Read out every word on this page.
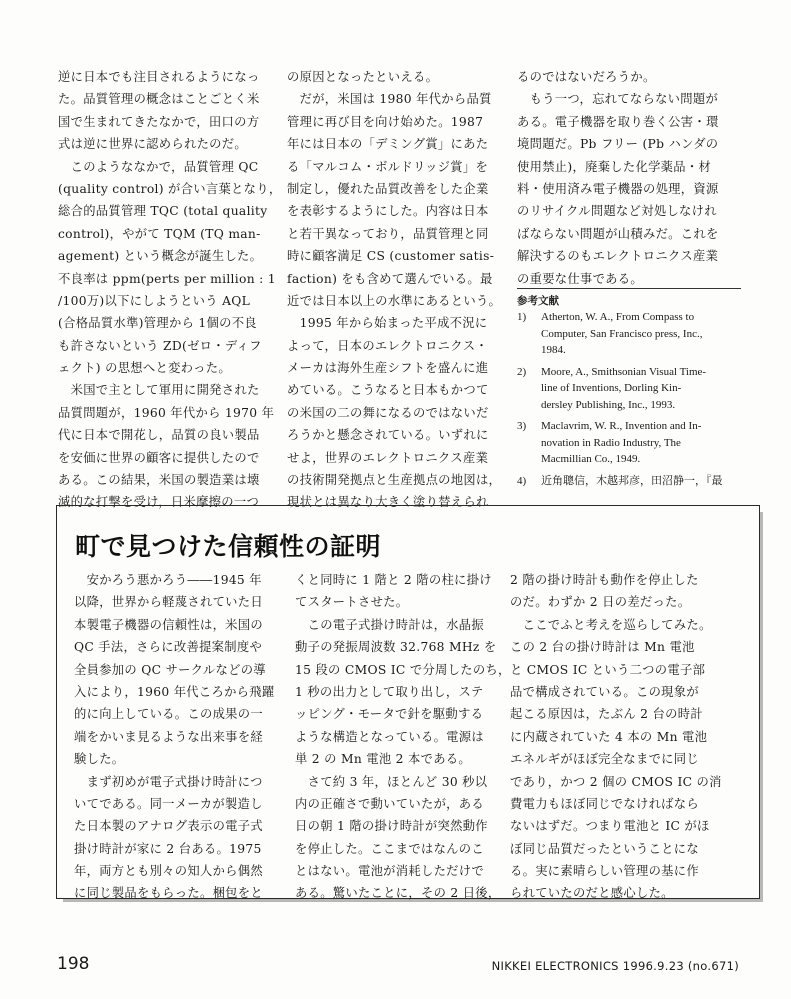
逆に日本でも注目されるようになっ
た。品質管理の概念はことごとく米
国で生まれてきたなかで，田口の方
式は逆に世界に認められたのだ。
　このようななかで，品質管理 QC
(quality control) が合い言葉となり，
総合的品質管理 TQC (total quality
control)，やがて TQM (TQ man-
agement) という概念が誕生した。
不良率は ppm(perts per million : 1
/100万)以下にしようという AQL
(合格品質水準)管理から 1個の不良
も許さないという ZD(ゼロ・ディフ
ェクト) の思想へと変わった。
　米国で主として軍用に開発された
品質問題が，1960 年代から 1970 年
代に日本で開花し，品質の良い製品
を安価に世界の顧客に提供したので
ある。この結果，米国の製造業は壊
滅的な打撃を受け，日米摩擦の一つ
の原因となったといえる。
　だが，米国は 1980 年代から品質
管理に再び目を向け始めた。1987
年には日本の「デミング賞」にあた
る「マルコム・ボルドリッジ賞」を
制定し，優れた品質改善をした企業
を表彰するようにした。内容は日本
と若干異なっており，品質管理と同
時に顧客満足 CS (customer satis-
faction) をも含めて選んでいる。最
近では日本以上の水準にあるという。
　1995 年から始まった平成不況に
よって，日本のエレクトロニクス・
メーカは海外生産シフトを盛んに進
めている。こうなると日本もかつて
の米国の二の舞になるのではないだ
ろうかと懸念されている。いずれに
せよ，世界のエレクトロニクス産業
の技術開発拠点と生産拠点の地図は，
現状とは異なり大きく塗り替えられ
るのではないだろうか。
　もう一つ，忘れてならない問題が
ある。電子機器を取り巻く公害・環
境問題だ。Pb フリー (Pb ハンダの
使用禁止)，廃棄した化学薬品・材
料・使用済み電子機器の処理，資源
のリサイクル問題など対処しなけれ
ばならない問題が山積みだ。これを
解決するのもエレクトロニクス産業
の重要な仕事である。
参考文献
1) Atherton, W. A., From Compass to
Computer, San Francisco press, Inc.,
1984.
2) Moore, A., Smithsonian Visual Time-
line of Inventions, Dorling Kin-
dersley Publishing, Inc., 1993.
3) Maclavrim, W. R., Invention and In-
novation in Radio Industry, The
Macmillian Co., 1949.
4) 近角聰信，木越邦彦，田沼静一，『最
町で見つけた信頼性の証明
　安かろう悪かろう――1945 年
以降，世界から軽蔑されていた日
本製電子機器の信頼性は，米国の
QC 手法，さらに改善提案制度や
全員参加の QC サークルなどの導
入により，1960 年代ころから飛躍
的に向上している。この成果の一
端をかいま見るような出来事を経
験した。
　まず初めが電子式掛け時計につ
いてである。同一メーカが製造し
た日本製のアナログ表示の電子式
掛け時計が家に 2 台ある。1975
年，両方とも別々の知人から偶然
に同じ製品をもらった。梱包をと
くと同時に 1 階と 2 階の柱に掛け
てスタートさせた。
　この電子式掛け時計は，水晶振
動子の発振周波数 32.768 MHz を
15 段の CMOS IC で分周したのち，
1 秒の出力として取り出し，ステ
ッピング・モータで針を駆動する
ような構造となっている。電源は
単 2 の Mn 電池 2 本である。
　さて約 3 年，ほとんど 30 秒以
内の正確さで動いていたが，ある
日の朝 1 階の掛け時計が突然動作
を停止した。ここまではなんのこ
とはない。電池が消耗しただけで
ある。驚いたことに，その 2 日後，
2 階の掛け時計も動作を停止した
のだ。わずか 2 日の差だった。
　ここでふと考えを巡らしてみた。
この 2 台の掛け時計は Mn 電池
と CMOS IC という二つの電子部
品で構成されている。この現象が
起こる原因は，たぶん 2 台の時計
に内蔵されていた 4 本の Mn 電池
エネルギがほぼ完全なまでに同じ
であり，かつ 2 個の CMOS IC の消
費電力もほぼ同じでなければなら
ないはずだ。つまり電池と IC がほ
ぼ同じ品質だったということにな
る。実に素晴らしい管理の基に作
られていたのだと感心した。
198	NIKKEI ELECTRONICS 1996.9.23 (no.671)
